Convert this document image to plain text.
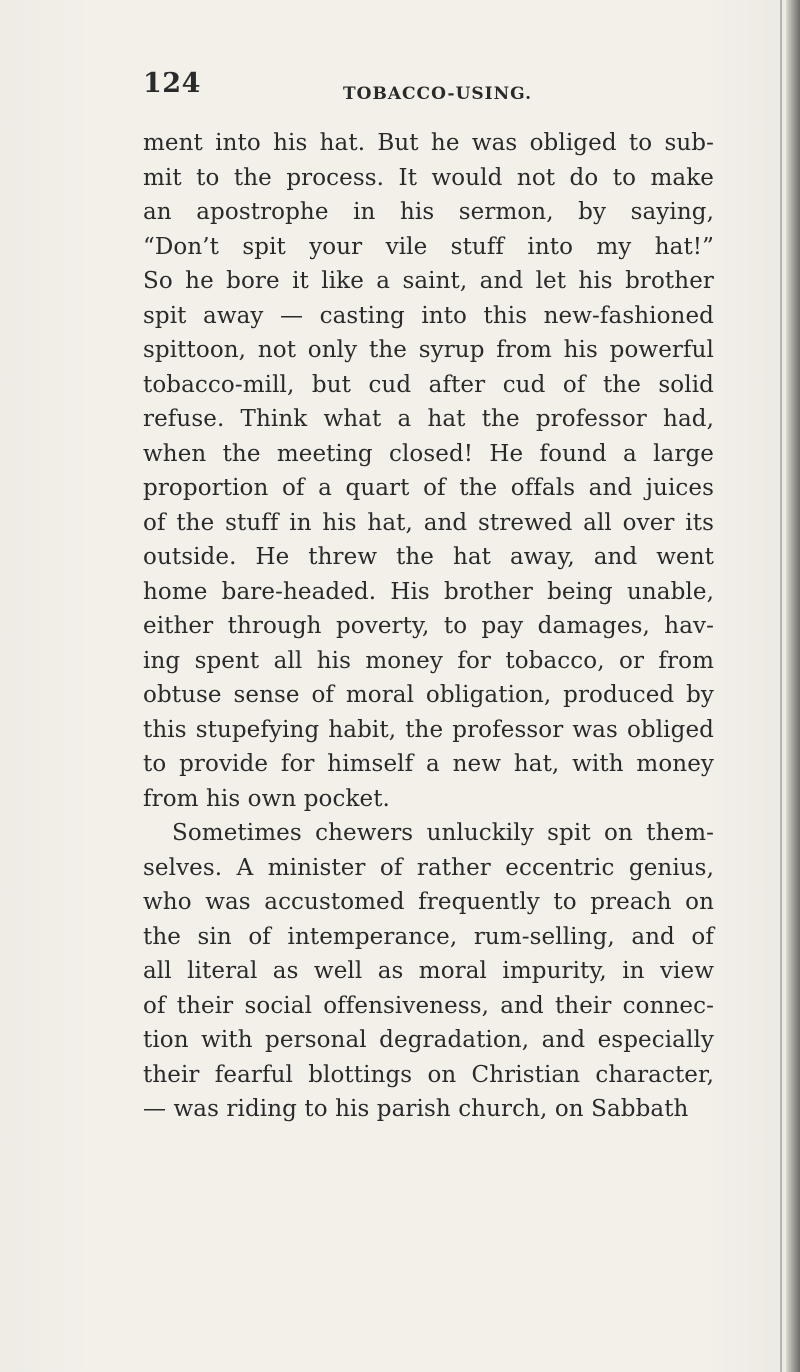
124	TOBACCO-USING.
ment into his hat. But he was obliged to sub-
mit to the process. It would not do to make
an apostrophe in his sermon, by saying,
“Don’t spit your vile stuff into my hat!”
So he bore it like a saint, and let his brother
spit away — casting into this new-fashioned
spittoon, not only the syrup from his powerful
tobacco-mill, but cud after cud of the solid
refuse. Think what a hat the professor had,
when the meeting closed! He found a large
proportion of a quart of the offals and juices
of the stuff in his hat, and strewed all over its
outside. He threw the hat away, and went
home bare-headed. His brother being unable,
either through poverty, to pay damages, hav-
ing spent all his money for tobacco, or from
obtuse sense of moral obligation, produced by
this stupefying habit, the professor was obliged
to provide for himself a new hat, with money
from his own pocket.
Sometimes chewers unluckily spit on them-
selves. A minister of rather eccentric genius,
who was accustomed frequently to preach on
the sin of intemperance, rum-selling, and of
all literal as well as moral impurity, in view
of their social offensiveness, and their connec-
tion with personal degradation, and especially
their fearful blottings on Christian character,
— was riding to his parish church, on Sabbath
